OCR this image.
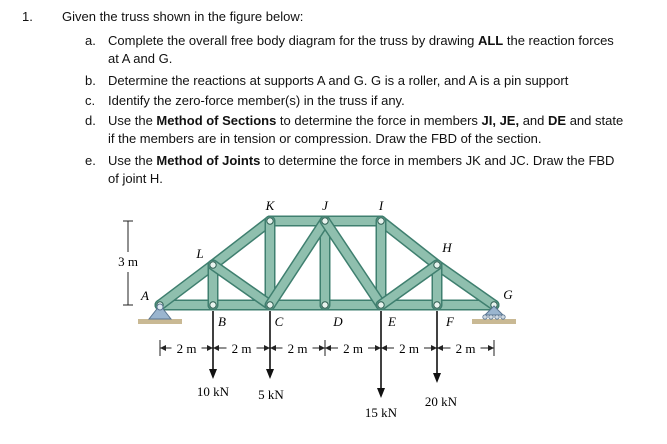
1. Given the truss shown in the figure below:
a. Complete the overall free body diagram for the truss by drawing ALL the reaction forces
at A and G.
b. Determine the reactions at supports A and G. G is a roller, and A is a pin support
c. Identify the zero-force member(s) in the truss if any.
d. Use the Method of Sections to determine the force in members JI, JE, and DE and state
if the members are in tension or compression. Draw the FBD of the section.
e. Use the Method of Joints to determine the force in members JK and JC. Draw the FBD
of joint H.
3 m
2 m	2 m	2 m	2 m	2 m	2 m
10 kN 5 kN
15 kN
20 kN
A
B	C	D	E	F
G
H
I
J
K
L
